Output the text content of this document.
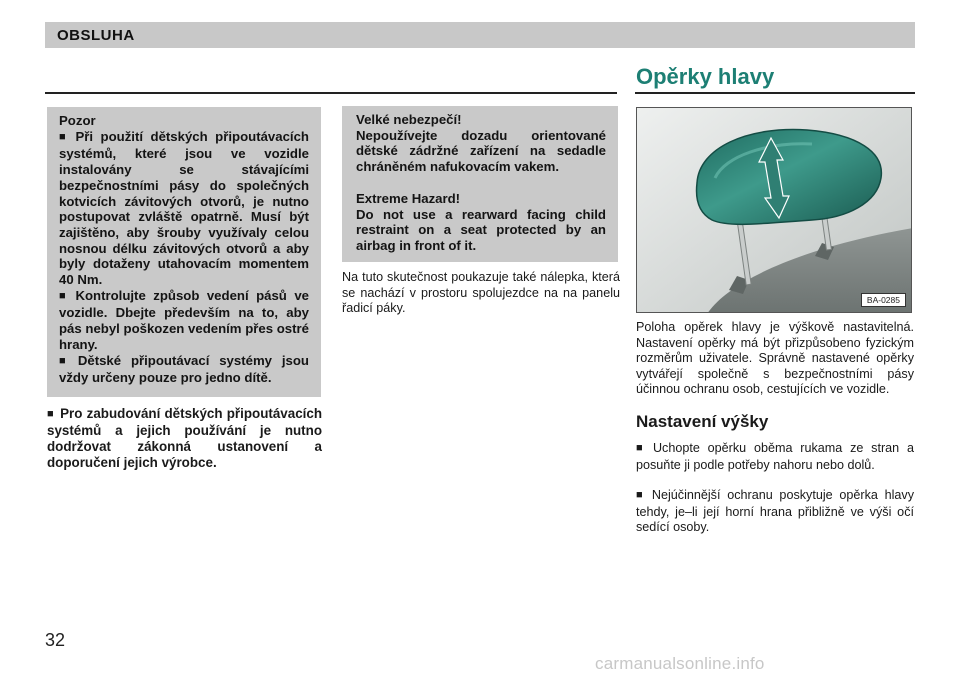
OBSLUHA
Opěrky hlavy

Pozor

■ Při použití dětských připoutávacích systémů, které jsou ve vozidle instalovány se stávajícími bezpečnostními pásy do společných kotvicích závitových otvorů, je nutno postupovat zvláště opatrně. Musí být zajištěno, aby šrouby využívaly celou nosnou délku závitových otvorů a aby byly dotaženy utahovacím momentem 40 Nm.

■ Kontrolujte způsob vedení pásů ve vozidle. Dbejte především na to, aby pás nebyl poškozen vedením přes ostré hrany.

■ Dětské připoutávací systémy jsou vždy určeny pouze pro jedno dítě.

■ Pro zabudování dětských připoutávacích systémů a jejich používání je nutno dodržovat zákonná ustanovení a doporučení jejich výrobce.

Velké nebezpečí!

Nepoužívejte dozadu orientované dětské zádržné zařízení na sedadle chráněném nafukovacím vakem.

Extreme Hazard!

Do not use a rearward facing child restraint on a seat protected by an airbag in front of it.

Na tuto skutečnost poukazuje také nálepka, která se nachází v prostoru spolujezdce na na panelu řadicí páky.

BA-0285

Poloha opěrek hlavy je výškově nastavitelná. Nastavení opěrky má být přizpůsobeno fyzickým rozměrům uživatele. Správně nastavené opěrky vytvářejí společně s bezpečnostními pásy účinnou ochranu osob, cestujících ve vozidle.

Nastavení výšky

■ Uchopte opěrku oběma rukama ze stran a posuňte ji podle potřeby nahoru nebo dolů.

■ Nejúčinnější ochranu poskytuje opěrka hlavy tehdy, je–li její horní hrana přibližně ve výši očí sedící osoby.

32
carmanualsonline.info
